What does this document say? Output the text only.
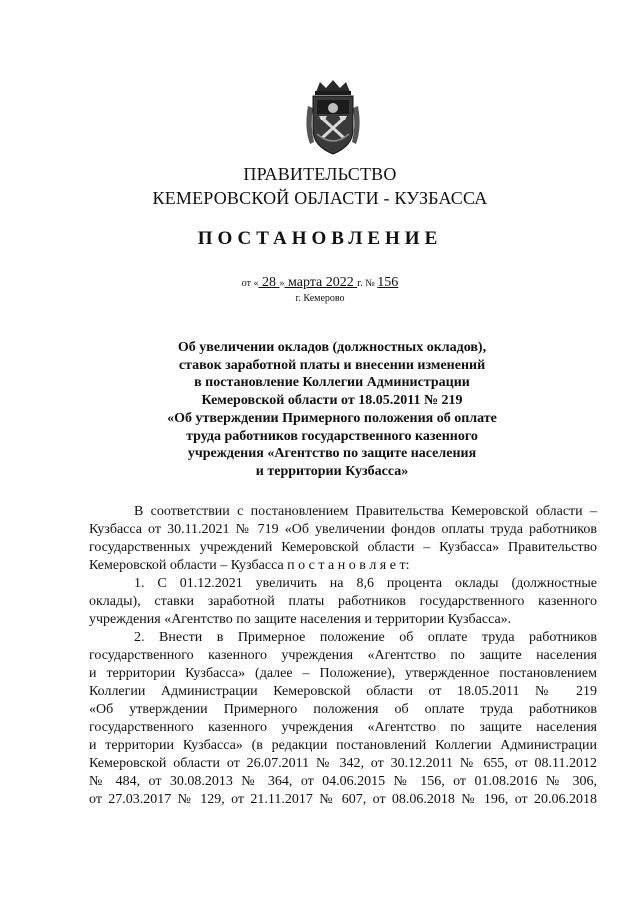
ПРАВИТЕЛЬСТВО
КЕМЕРОВСКОЙ ОБЛАСТИ - КУЗБАССА
ПОСТАНОВЛЕНИЕ
от « 28 » марта 2022 г. № 156
г. Кемерово
Об увеличении окладов (должностных окладов),
ставок заработной платы и внесении изменений
в постановление Коллегии Администрации
Кемеровской области от 18.05.2011 № 219
«Об утверждении Примерного положения об оплате
труда работников государственного казенного
учреждения «Агентство по защите населения
и территории Кузбасса»
В соответствии с постановлением Правительства Кемеровской области –
Кузбасса от 30.11.2021 № 719 «Об увеличении фондов оплаты труда работников
государственных учреждений Кемеровской области – Кузбасса» Правительство
Кемеровской области – Кузбасса п о с т а н о в л я е т:
1. С 01.12.2021 увеличить на 8,6 процента оклады (должностные
оклады), ставки заработной платы работников государственного казенного
учреждения «Агентство по защите населения и территории Кузбасса».
2. Внести в Примерное положение об оплате труда работников
государственного казенного учреждения «Агентство по защите населения
и территории Кузбасса» (далее – Положение), утвержденное постановлением
Коллегии Администрации Кемеровской области от 18.05.2011 № 219
«Об утверждении Примерного положения об оплате труда работников
государственного казенного учреждения «Агентство по защите населения
и территории Кузбасса» (в редакции постановлений Коллегии Администрации
Кемеровской области от 26.07.2011 № 342, от 30.12.2011 № 655, от 08.11.2012
№ 484, от 30.08.2013 № 364, от 04.06.2015 № 156, от 01.08.2016 № 306,
от 27.03.2017 № 129, от 21.11.2017 № 607, от 08.06.2018 № 196, от 20.06.2018
